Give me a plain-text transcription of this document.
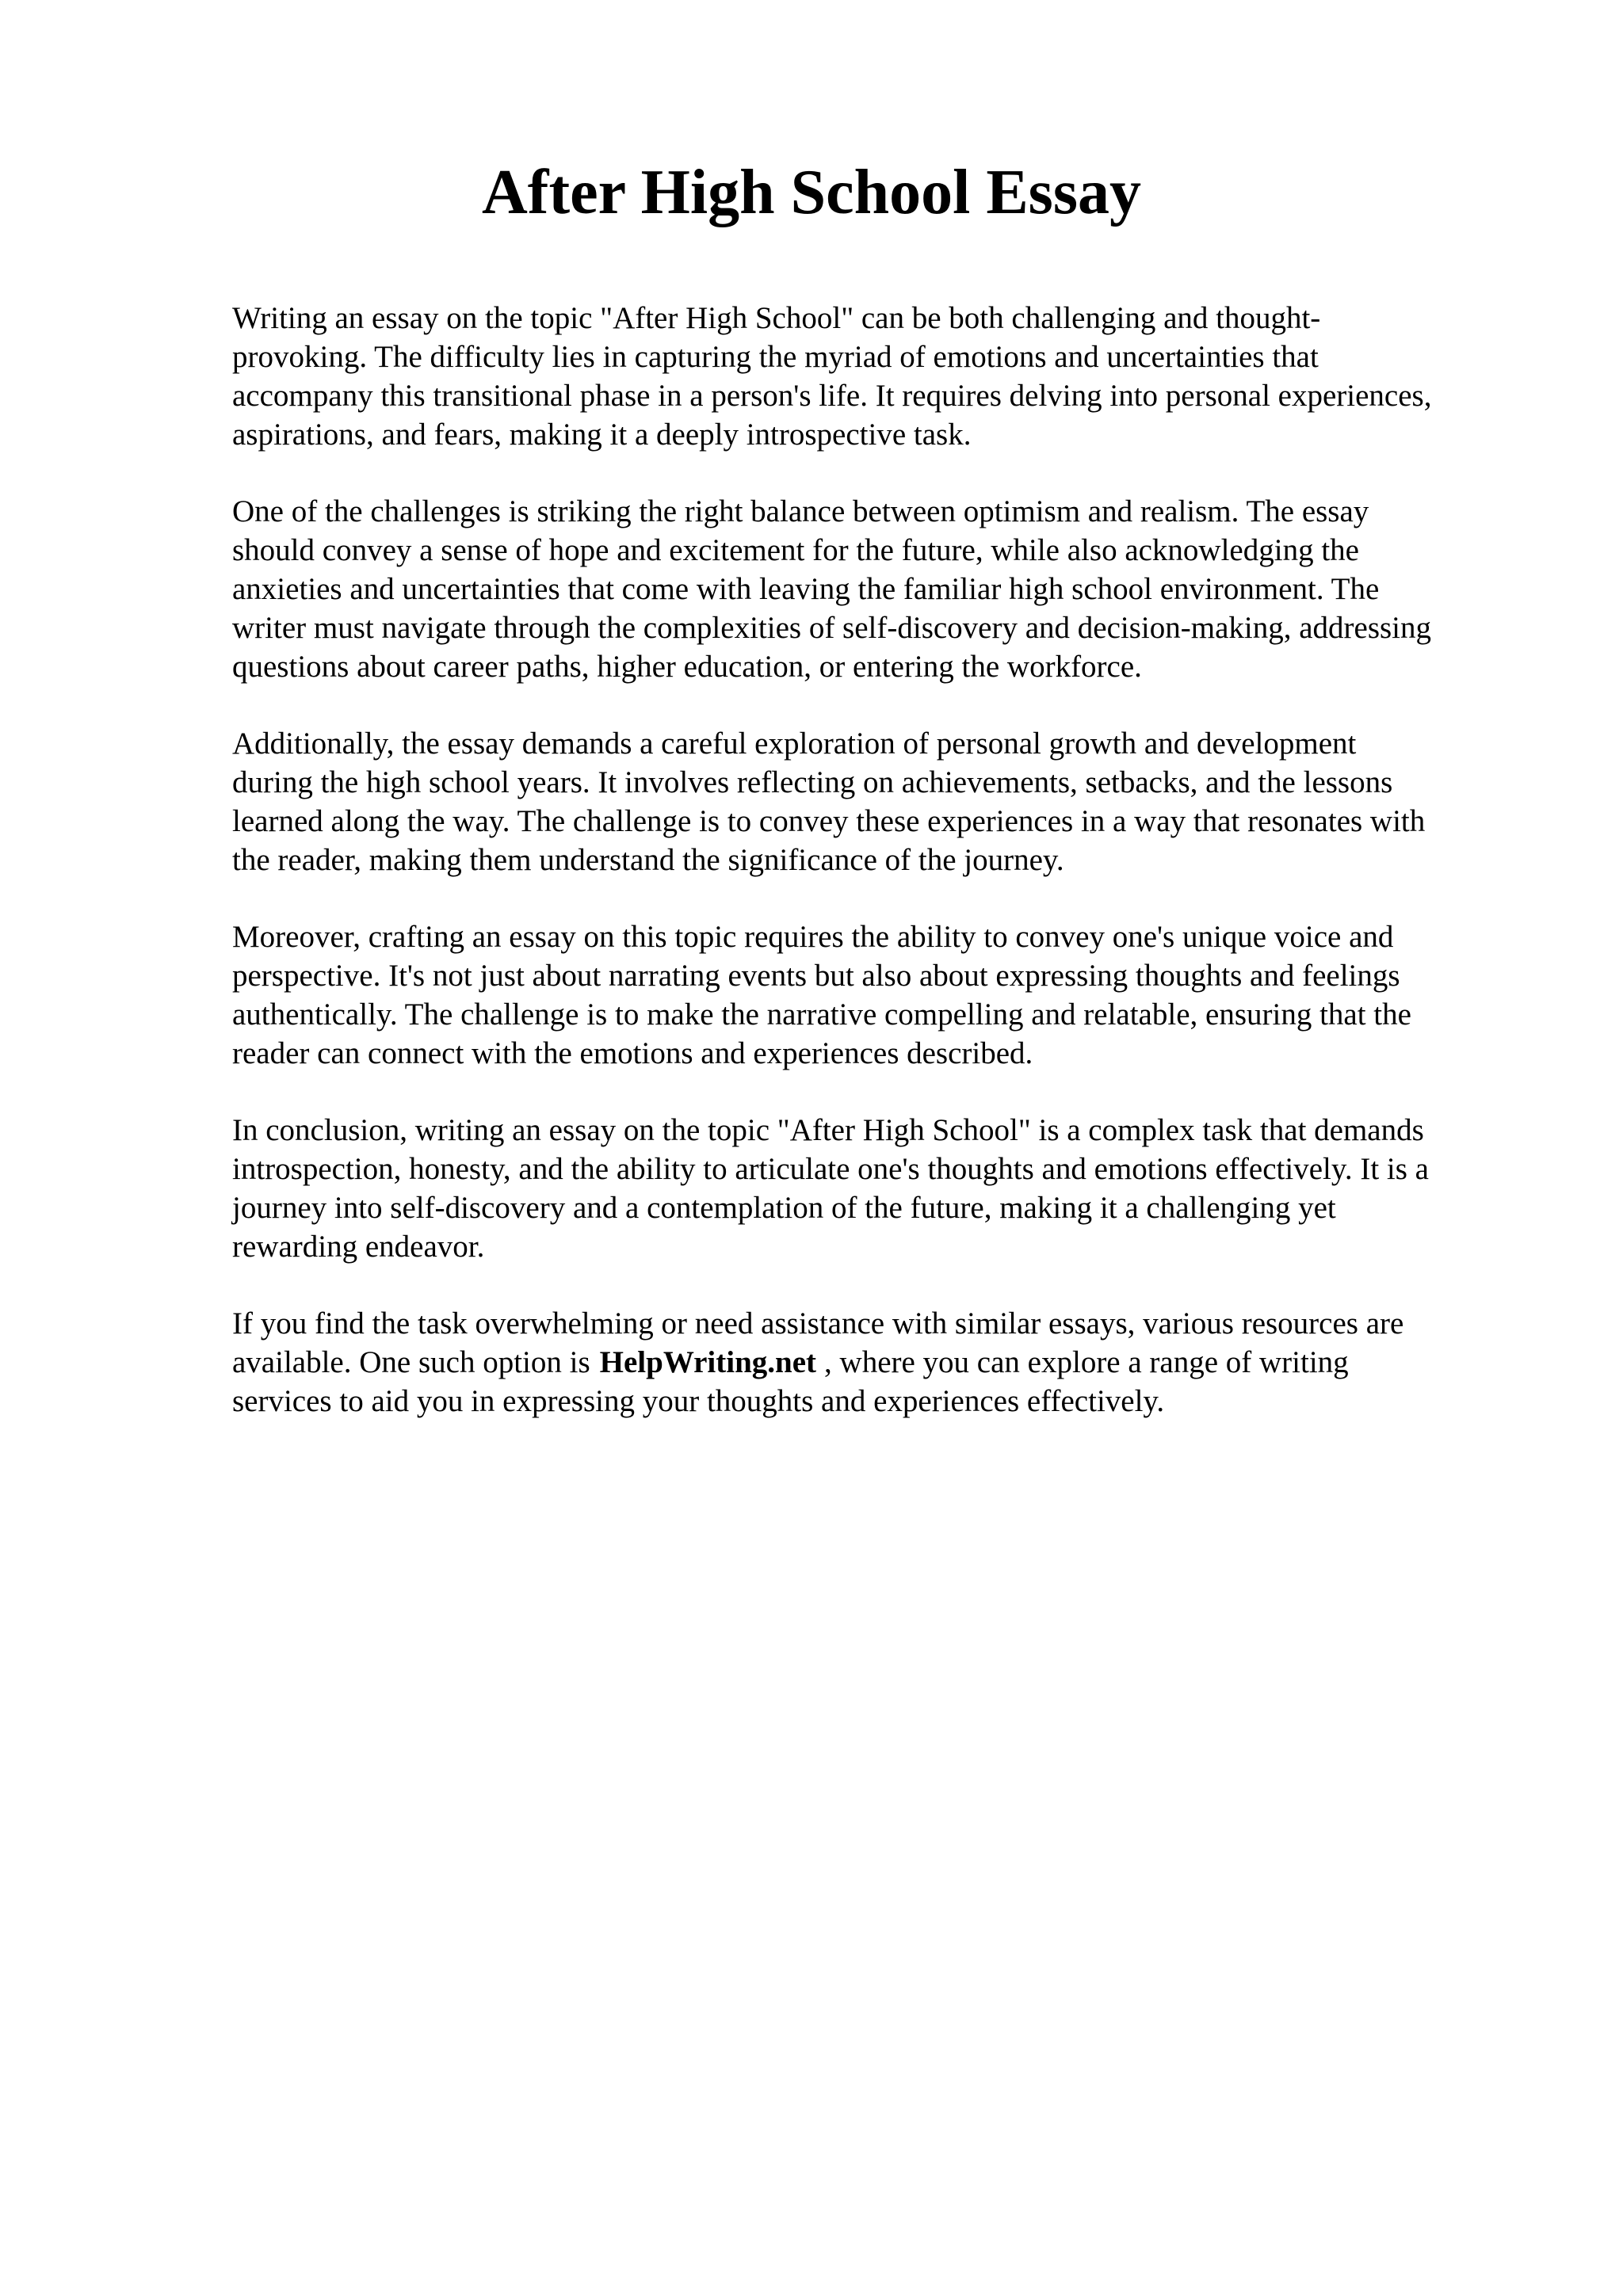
After High School Essay

Writing an essay on the topic "After High School" can be both challenging and thought-
provoking. The difficulty lies in capturing the myriad of emotions and uncertainties that
accompany this transitional phase in a person's life. It requires delving into personal experiences,
aspirations, and fears, making it a deeply introspective task.

One of the challenges is striking the right balance between optimism and realism. The essay
should convey a sense of hope and excitement for the future, while also acknowledging the
anxieties and uncertainties that come with leaving the familiar high school environment. The
writer must navigate through the complexities of self-discovery and decision-making, addressing
questions about career paths, higher education, or entering the workforce.

Additionally, the essay demands a careful exploration of personal growth and development
during the high school years. It involves reflecting on achievements, setbacks, and the lessons
learned along the way. The challenge is to convey these experiences in a way that resonates with
the reader, making them understand the significance of the journey.

Moreover, crafting an essay on this topic requires the ability to convey one's unique voice and
perspective. It's not just about narrating events but also about expressing thoughts and feelings
authentically. The challenge is to make the narrative compelling and relatable, ensuring that the
reader can connect with the emotions and experiences described.

In conclusion, writing an essay on the topic "After High School" is a complex task that demands
introspection, honesty, and the ability to articulate one's thoughts and emotions effectively. It is a
journey into self-discovery and a contemplation of the future, making it a challenging yet
rewarding endeavor.

If you find the task overwhelming or need assistance with similar essays, various resources are
available. One such option is HelpWriting.net , where you can explore a range of writing
services to aid you in expressing your thoughts and experiences effectively.
